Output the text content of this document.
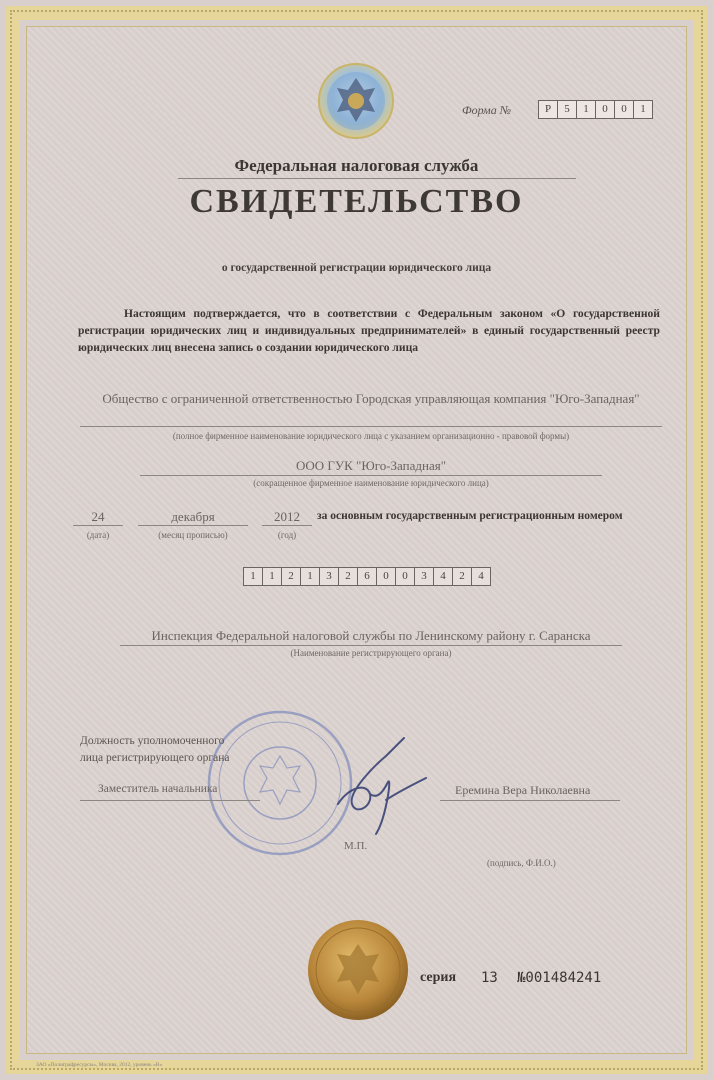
Форма №	Р	5	1	0	0	1
Федеральная налоговая служба
СВИДЕТЕЛЬСТВО
о государственной регистрации юридического лица
Настоящим подтверждается, что в соответствии с Федеральным законом «О государственной регистрации юридических лиц и индивидуальных предпринимателей» в единый государственный реестр юридических лиц внесена запись о создании юридического лица
Общество с ограниченной ответственностью Городская управляющая компания "Юго-Западная"
(полное фирменное наименование юридического лица с указанием организационно - правовой формы)
ООО ГУК "Юго-Западная"
(сокращенное фирменное наименование юридического лица)
24
(дата)
декабря
(месяц прописью)
2012
(год)
за основным государственным регистрационным номером
1	1	2	1	3	2	6	0	0	3	4	2	4
Инспекция Федеральной налоговой службы по Ленинскому району г. Саранска
(Наименование регистрирующего органа)
Должность уполномоченного
лица регистрирующего органа
Заместитель начальника
М.П.
Еремина Вера Николаевна
(подпись, Ф.И.О.)
серия 13 №001484241
ЗАО «Полиграфресурсы», Москва, 2012, уровень «В»
